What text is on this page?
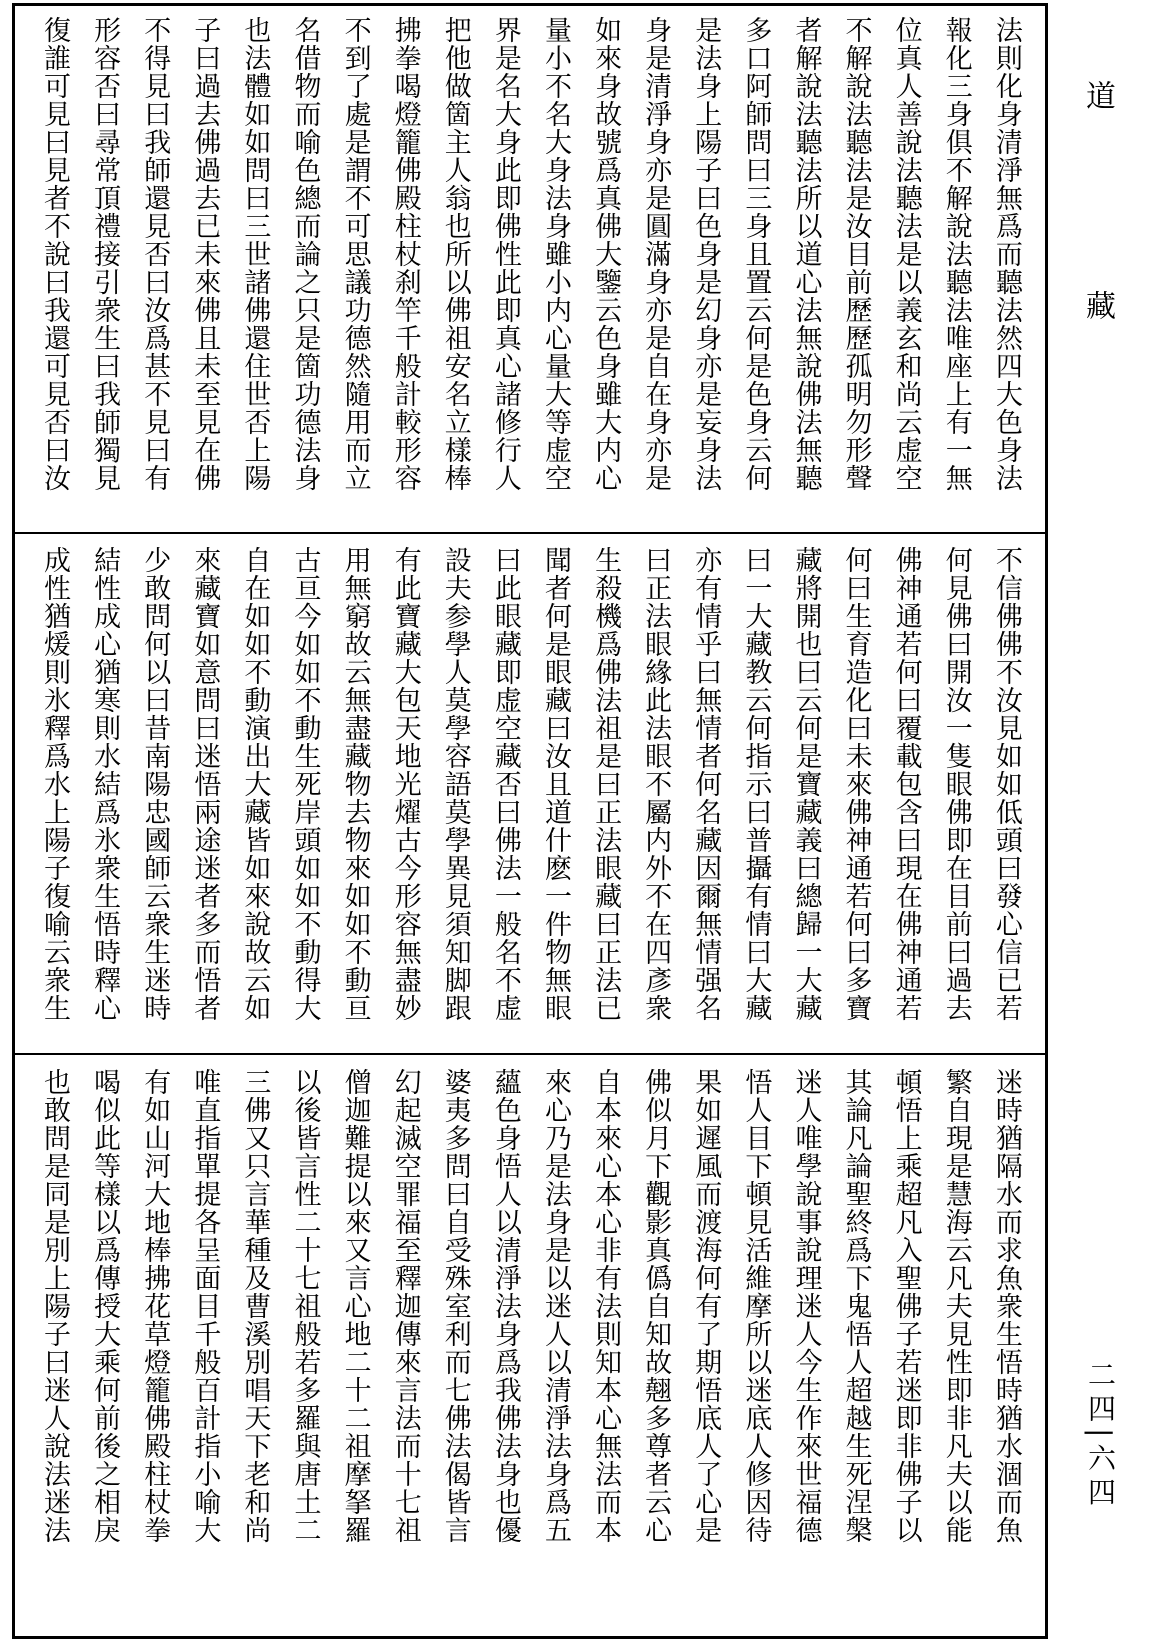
法則化身清淨無爲而聽法然四大色身法
報化三身俱不解說法聽法唯座上有一無
位真人善說法聽法是以義玄和尚云虚空
不解說法聽法是汝目前歷歷孤明勿形聲
者解說法聽法所以道心法無說佛法無聽
多口阿師問曰三身且置云何是色身云何
是法身上陽子曰色身是幻身亦是妄身法
身是清淨身亦是圓滿身亦是自在身亦是
如來身故號爲真佛大鑒云色身雖大内心
量小不名大身法身雖小内心量大等虚空
界是名大身此即佛性此即真心諸修行人
把他做箇主人翁也所以佛祖安名立樣棒
拂拳喝燈籠佛殿柱杖刹竿千般計較形容
不到了處是謂不可思議功德然隨用而立
名借物而喻色總而論之只是箇功德法身
也法體如如問曰三世諸佛還住世否上陽
子曰過去佛過去已未來佛且未至見在佛
不得見曰我師還見否曰汝爲甚不見曰有
形容否曰尋常頂禮接引衆生曰我師獨見
復誰可見曰見者不說曰我還可見否曰汝
不信佛佛不汝見如如低頭曰發心信已若
何見佛曰開汝一隻眼佛即在目前曰過去
佛神通若何曰覆載包含曰現在佛神通若
何曰生育造化曰未來佛神通若何曰多寶
藏將開也曰云何是寶藏義曰總歸一大藏
曰一大藏教云何指示曰普攝有情曰大藏
亦有情乎曰無情者何名藏因爾無情强名
曰正法眼緣此法眼不屬内外不在四彥衆
生殺機爲佛法祖是曰正法眼藏曰正法已
聞者何是眼藏曰汝且道什麽一件物無眼
曰此眼藏即虚空藏否曰佛法一般名不虚
設夫参學人莫學容語莫學異見須知脚跟
有此寶藏大包天地光燿古今形容無盡妙
用無窮故云無盡藏物去物來如如不動亘
古亘今如如不動生死岸頭如如不動得大
自在如如不動演出大藏皆如來說故云如
來藏寶如意問曰迷悟兩途迷者多而悟者
少敢問何以曰昔南陽忠國師云衆生迷時
結性成心猶寒則水結爲氷衆生悟時釋心
成性猶煖則氷釋爲水上陽子復喻云衆生
迷時猶隔水而求魚衆生悟時猶水涸而魚
繁自現是慧海云凡夫見性即非凡夫以能
頓悟上乘超凡入聖佛子若迷即非佛子以
其論凡論聖終爲下鬼悟人超越生死涅槃
迷人唯學說事說理迷人今生作來世福德
悟人目下頓見活維摩所以迷底人修因待
果如遲風而渡海何有了期悟底人了心是
佛似月下觀影真僞自知故翹多尊者云心
自本來心本心非有法則知本心無法而本
來心乃是法身是以迷人以清淨法身爲五
蘊色身悟人以清淨法身爲我佛法身也優
婆夷多問曰自受殊室利而七佛法偈皆言
幻起滅空罪福至釋迦傳來言法而十七祖
僧迦難提以來又言心地二十二祖摩拏羅
以後皆言性二十七祖般若多羅與唐土二
三佛又只言華種及曹溪別唱天下老和尚
唯直指單提各呈面目千般百計指小喻大
有如山河大地棒拂花草燈籠佛殿柱杖拳
喝似此等樣以爲傳授大乘何前後之相戾
也敢問是同是別上陽子曰迷人說法迷法
道藏
二四|六四
